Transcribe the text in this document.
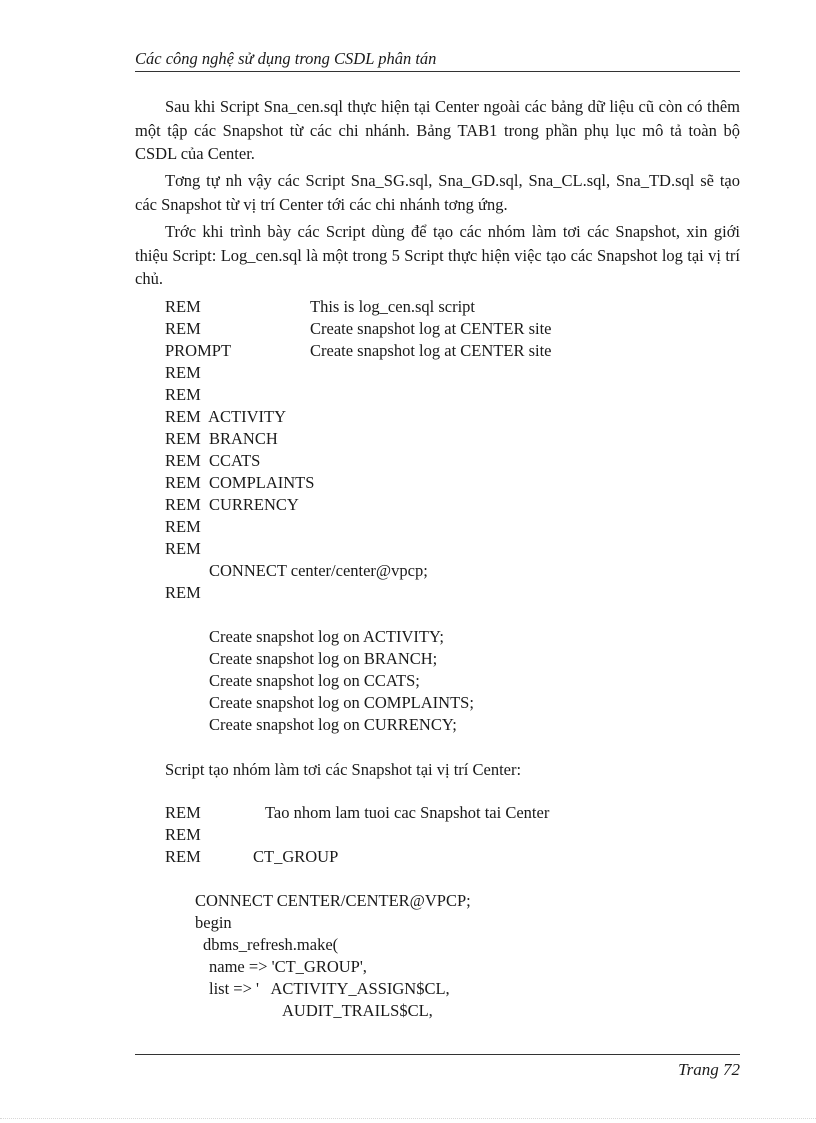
Các công nghệ sử dụng trong CSDL phân tán

Sau khi Script Sna_cen.sql thực hiện tại Center ngoài các bảng dữ liệu cũ còn có thêm một tập các Snapshot từ các chi nhánh. Bảng TAB1 trong phần phụ lục mô tả toàn bộ CSDL của Center.

Tơng tự nh vậy các Script Sna_SG.sql, Sna_GD.sql, Sna_CL.sql, Sna_TD.sql sẽ tạo các Snapshot từ vị trí Center tới các chi nhánh tơng ứng.

Trớc khi trình bày các Script dùng để tạo các nhóm làm tơi các Snapshot, xin giới thiệu Script: Log_cen.sql là một trong 5 Script thực hiện việc tạo các Snapshot log tại vị trí chủ.

REM	This is log_cen.sql script
REM	Create snapshot log at CENTER site
PROMPT	Create snapshot log at CENTER site
REM
REM
REM  ACTIVITY
REM  BRANCH
REM  CCATS
REM  COMPLAINTS
REM  CURRENCY
REM
REM
CONNECT center/center@vpcp;
REM
Create snapshot log on ACTIVITY;
Create snapshot log on BRANCH;
Create snapshot log on CCATS;
Create snapshot log on COMPLAINTS;
Create snapshot log on CURRENCY;
Script tạo nhóm làm tơi các Snapshot tại vị trí Center:
REM	Tao nhom lam tuoi cac Snapshot tai Center
REM
REM	CT_GROUP
CONNECT CENTER/CENTER@VPCP;
begin
dbms_refresh.make(
name => 'CT_GROUP',
list => '   ACTIVITY_ASSIGN$CL,
AUDIT_TRAILS$CL,
Trang 72
